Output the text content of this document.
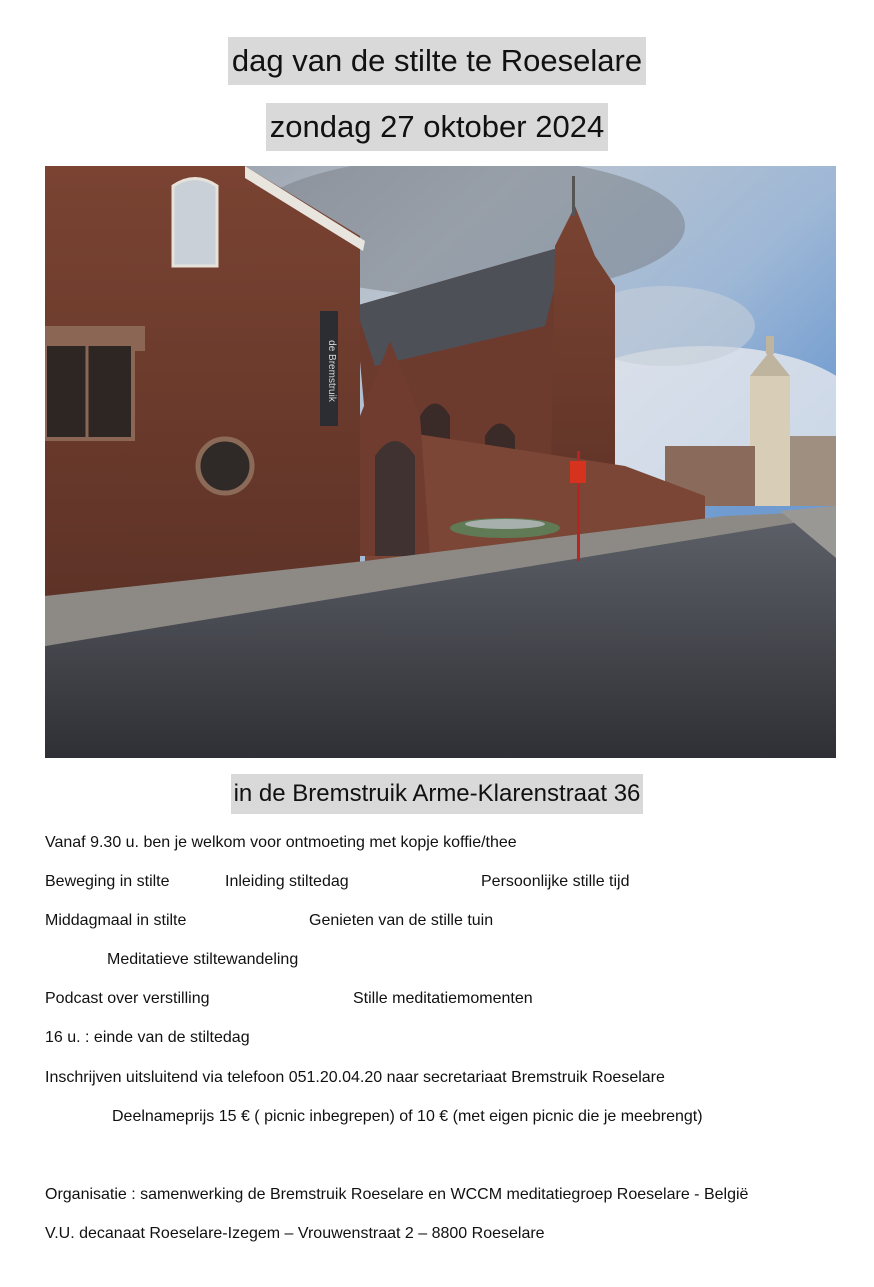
dag van de stilte te Roeselare
zondag 27 oktober 2024
de Bremstruik
in de Bremstruik Arme-Klarenstraat 36
Vanaf 9.30 u. ben je welkom voor ontmoeting met kopje koffie/thee
Beweging in stilte	Inleiding stiltedag	Persoonlijke stille tijd
Middagmaal in stilte	Genieten van de stille tuin
Meditatieve stiltewandeling
Podcast over verstilling	Stille meditatiemomenten
16 u. : einde van de stiltedag
Inschrijven uitsluitend via telefoon 051.20.04.20 naar secretariaat Bremstruik Roeselare
Deelnameprijs 15 € ( picnic inbegrepen) of 10 € (met eigen picnic die je meebrengt)
Organisatie : samenwerking de Bremstruik Roeselare en WCCM meditatiegroep Roeselare - België
V.U. decanaat Roeselare-Izegem – Vrouwenstraat 2 – 8800 Roeselare
